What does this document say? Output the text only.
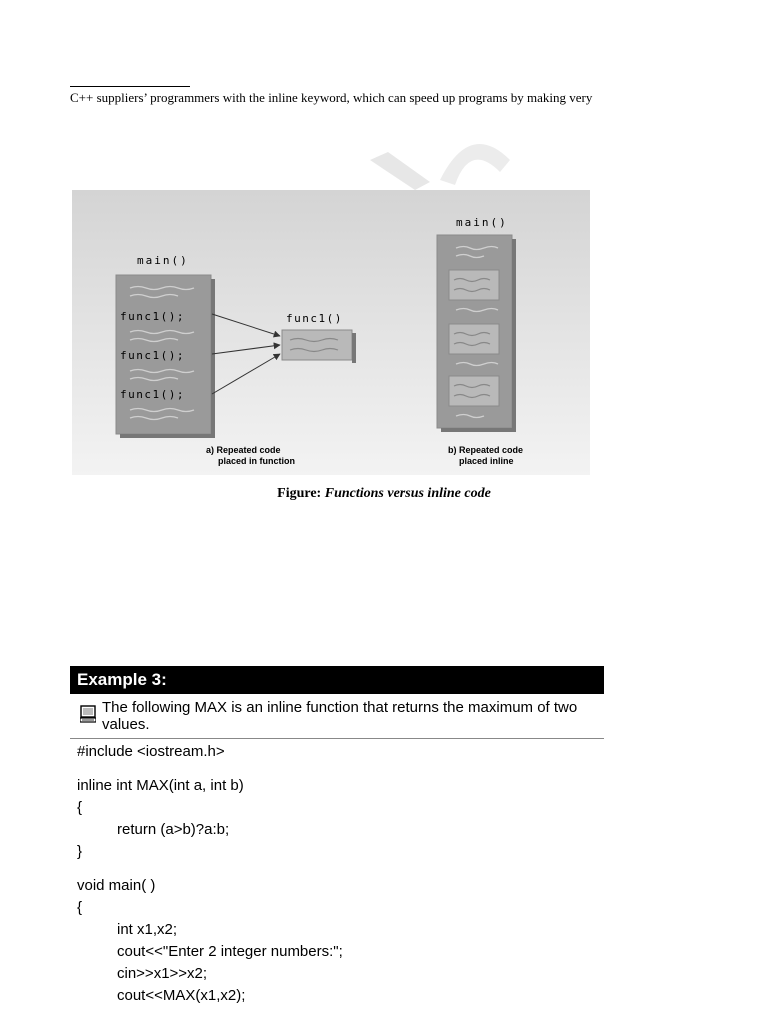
C++ suppliers’ programmers with the inline keyword, which can speed up programs by making very
main()
func1();
func1();
func1();
func1()
a) Repeated code
placed in function
main()
b) Repeated code
placed inline
Figure: Functions versus inline code
Example 3:
The following MAX is an inline function that returns the maximum of two values.
#include <iostream.h>
inline int MAX(int a, int b)
{
return (a>b)?a:b;
}
void main( )
{
int x1,x2;
cout<<"Enter 2 integer numbers:";
cin>>x1>>x2;
cout<<MAX(x1,x2);
